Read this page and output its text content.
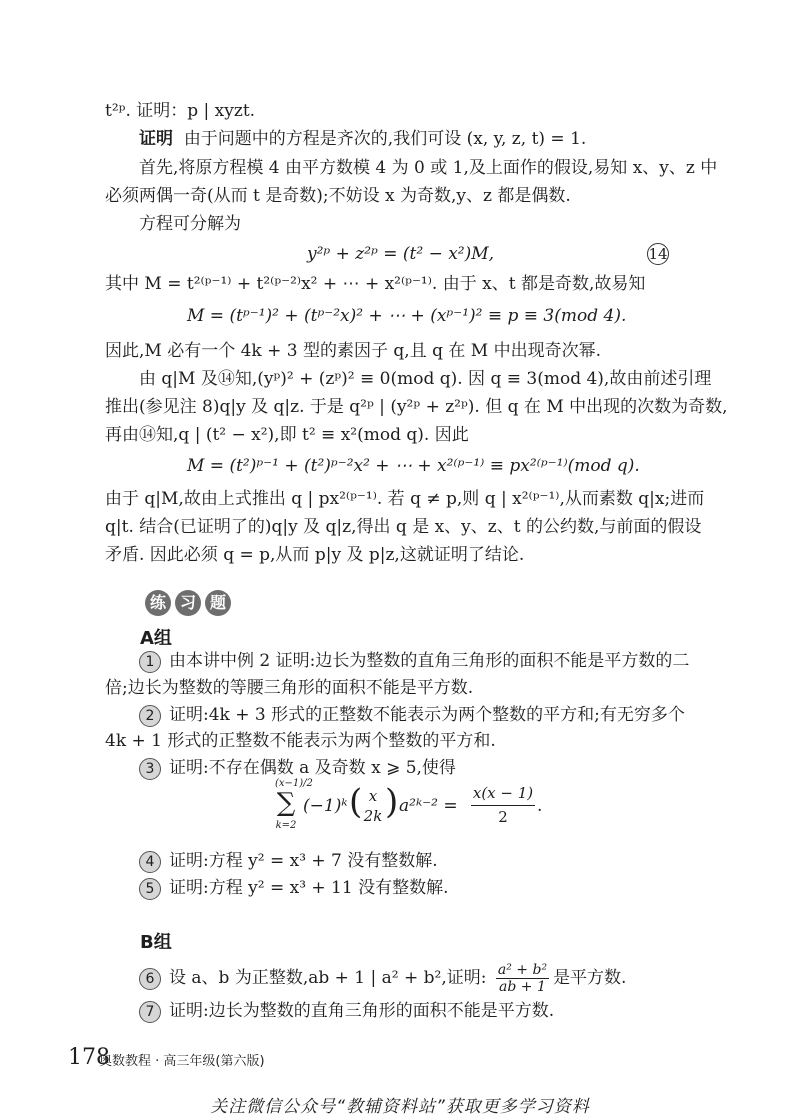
t²ᵖ. 证明：p | xyzt.
证明 由于问题中的方程是齐次的,我们可设 (x, y, z, t) = 1.
首先,将原方程模 4 由平方数模 4 为 0 或 1,及上面作的假设,易知 x、y、z 中
必须两偶一奇(从而 t 是奇数);不妨设 x 为奇数,y、z 都是偶数.
方程可分解为
y²ᵖ + z²ᵖ = (t² − x²)M,	14
其中 M = t²⁽ᵖ⁻¹⁾ + t²⁽ᵖ⁻²⁾x² + ⋯ + x²⁽ᵖ⁻¹⁾. 由于 x、t 都是奇数,故易知
M = (tᵖ⁻¹)² + (tᵖ⁻²x)² + ⋯ + (xᵖ⁻¹)² ≡ p ≡ 3(mod 4).
因此,M 必有一个 4k + 3 型的素因子 q,且 q 在 M 中出现奇次幂.
由 q|M 及⑭知,(yᵖ)² + (zᵖ)² ≡ 0(mod q). 因 q ≡ 3(mod 4),故由前述引理
推出(参见注 8)q|y 及 q|z. 于是 q²ᵖ | (y²ᵖ + z²ᵖ). 但 q 在 M 中出现的次数为奇数,
再由⑭知,q | (t² − x²),即 t² ≡ x²(mod q). 因此
M = (t²)ᵖ⁻¹ + (t²)ᵖ⁻²x² + ⋯ + x²⁽ᵖ⁻¹⁾ ≡ px²⁽ᵖ⁻¹⁾(mod q).
由于 q|M,故由上式推出 q | px²⁽ᵖ⁻¹⁾. 若 q ≠ p,则 q | x²⁽ᵖ⁻¹⁾,从而素数 q|x;进而
q|t. 结合(已证明了的)q|y 及 q|z,得出 q 是 x、y、z、t 的公约数,与前面的假设
矛盾. 因此必须 q = p,从而 p|y 及 p|z,这就证明了结论.
练 习 题
A组
1 由本讲中例 2 证明:边长为整数的直角三角形的面积不能是平方数的二
倍;边长为整数的等腰三角形的面积不能是平方数.
2 证明:4k + 3 形式的正整数不能表示为两个整数的平方和;有无穷多个
4k + 1 形式的正整数不能表示为两个整数的平方和.
3 证明:不存在偶数 a 及奇数 x ⩾ 5,使得
(x−1)/2
∑
k=2
(−1)ᵏ ( x
2k ) a²ᵏ⁻² =
x(x − 1)
2
.
4 证明:方程 y² = x³ + 7 没有整数解.
5 证明:方程 y² = x³ + 11 没有整数解.
B组
6 设 a、b 为正整数,ab + 1 | a² + b²,证明: $\frac{\text{a² + b²}}{ab + 1}$ 是平方数.
7 证明:边长为整数的直角三角形的面积不能是平方数.
178
奥数教程 · 高三年级(第六版)
关注微信公众号“教辅资料站”获取更多学习资料
